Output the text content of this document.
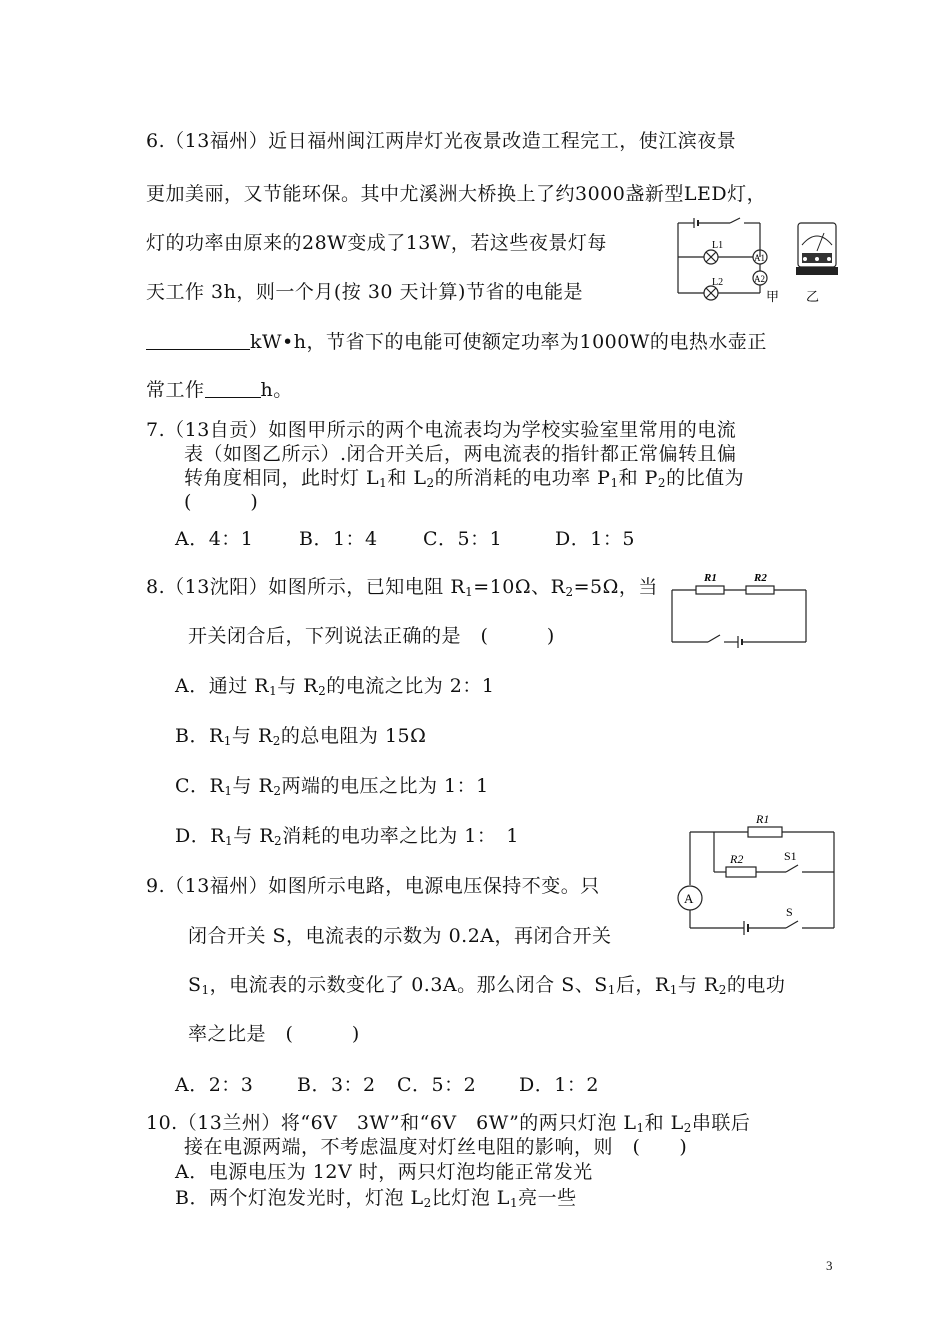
6.（13福州）近日福州闽江两岸灯光夜景改造工程完工，使江滨夜景
更加美丽，又节能环保。其中尤溪洲大桥换上了约3000盏新型LED灯，
灯的功率由原来的28W变成了13W，若这些夜景灯每
天工作 3h，则一个月(按 30 天计算)节省的电能是
kW•h，节省下的电能可使额定功率为1000W的电热水壶正
常工作	h。
L1
L2
A1
A2
甲 乙
7.（13自贡）如图甲所示的两个电流表均为学校实验室里常用的电流
表（如图乙所示）.闭合开关后，两电流表的指针都正常偏转且偏
转角度相同，此时灯 $L_1$和 $L_2$的所消耗的电功率 $P_1$和 $P_2$的比值为
(　　　)
A．4：1 B．1：4 C．5：1	D．1：5
R1	R2
8.（13沈阳）如图所示，已知电阻 $R_1=10\Omega$、$R_2=5\Omega$，当
开关闭合后，下列说法正确的是　(　　　)
A．通过 $R_1$与 $R_2$的电流之比为 2：1
B．$R_1$与 $R_2$的总电阻为 15Ω
C．$R_1$与 $R_2$两端的电压之比为 1：1
D．$R_1$与 $R_2$消耗的电功率之比为 1：　1
R1
R2	S1
S
A
9.（13福州）如图所示电路，电源电压保持不变。只
闭合开关 S，电流表的示数为 0.2A，再闭合开关
$S_1$，电流表的示数变化了 0.3A。那么闭合 S、$S_1$后，$R_1$与 $R_2$的电功
率之比是　(　　　)
A．2：3 B．3：2 C．5：2 D．1：2
10.（13兰州）将“6V　3W”和“6V　6W”的两只灯泡 $L_1$和 $L_2$串联后
接在电源两端，不考虑温度对灯丝电阻的影响，则　(　　)
A．电源电压为 12V 时，两只灯泡均能正常发光
B．两个灯泡发光时，灯泡 $L_2$比灯泡 $L_1$亮一些
3
